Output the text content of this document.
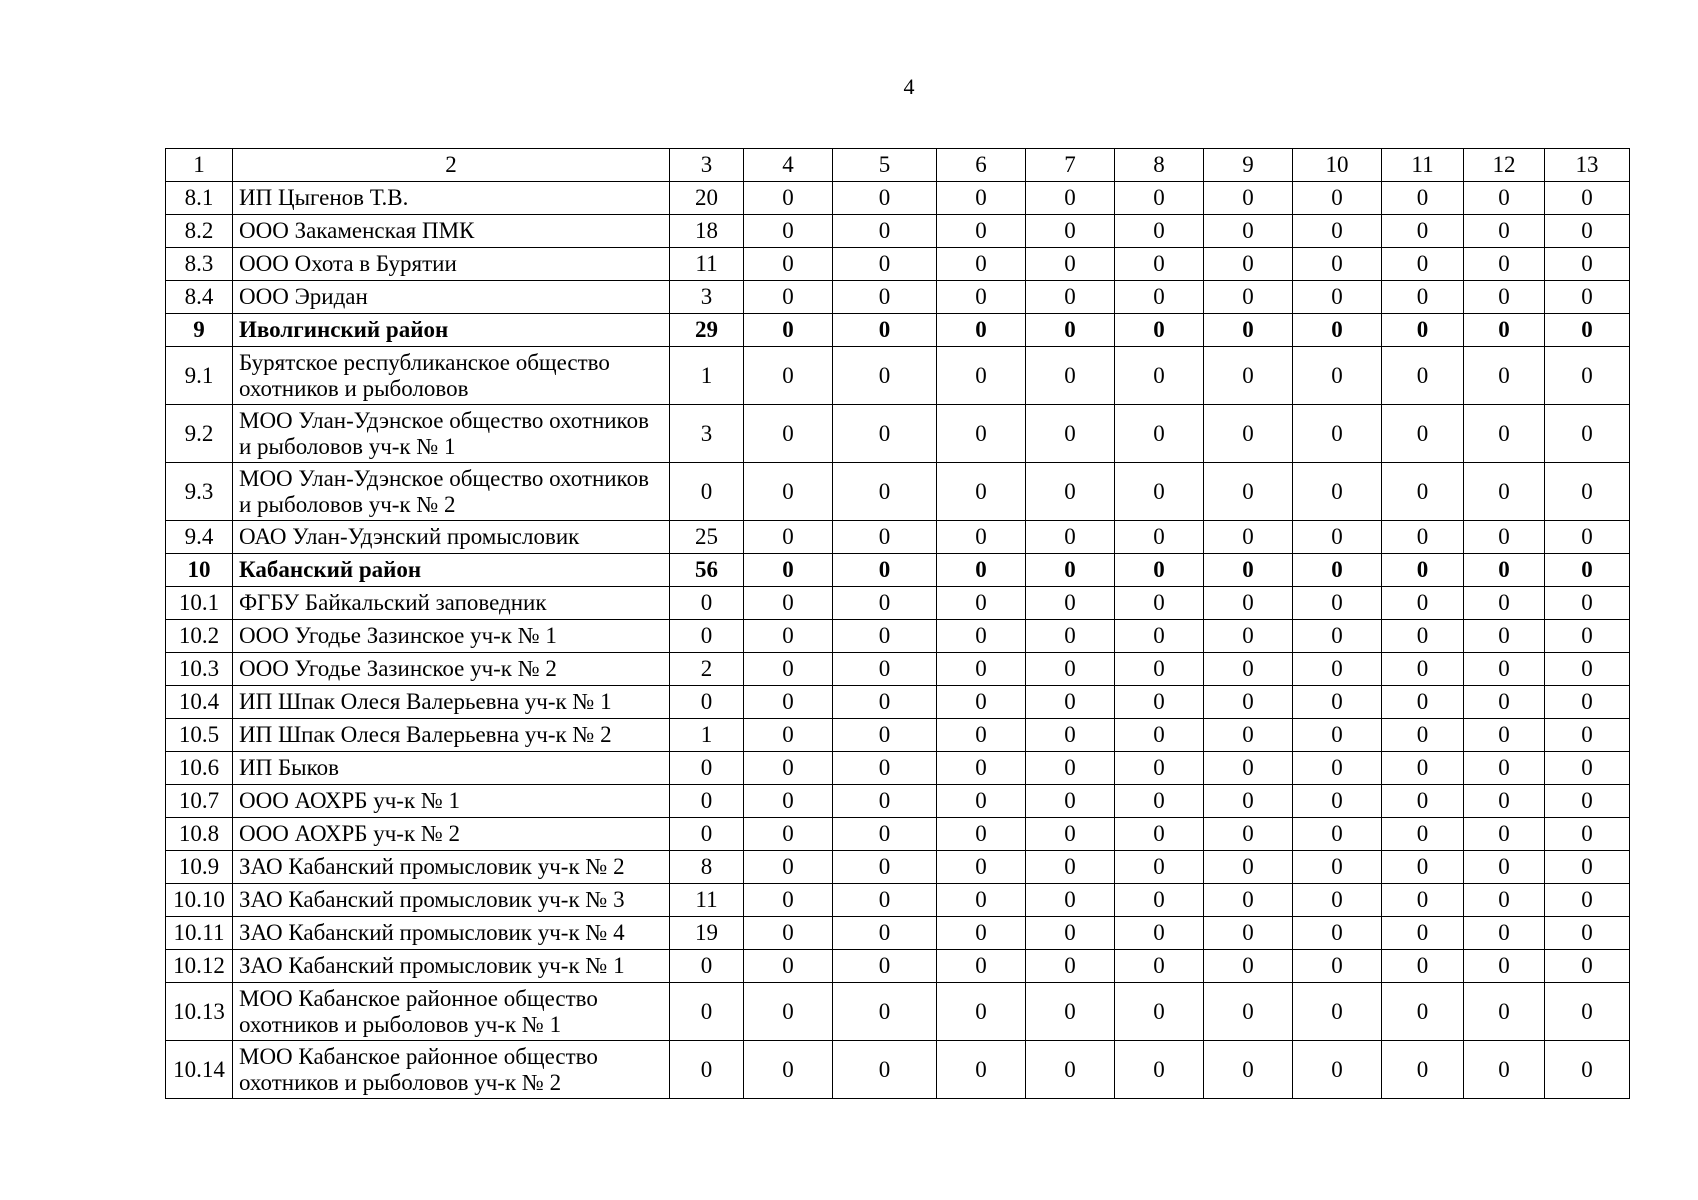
4
1	2	3	4	5	6	7	8	9	10	11	12	13
8.1	ИП Цыгенов Т.В.	20	0	0	0	0	0	0	0	0	0	0
8.2	ООО Закаменская ПМК	18	0	0	0	0	0	0	0	0	0	0
8.3	ООО Охота в Бурятии	11	0	0	0	0	0	0	0	0	0	0
8.4	ООО Эридан	3	0	0	0	0	0	0	0	0	0	0
9	Иволгинский район	29	0	0	0	0	0	0	0	0	0	0
9.1	Бурятское республиканское общество охотников и рыболовов	1	0	0	0	0	0	0	0	0	0	0
9.2	МОО Улан-Удэнское общество охотников и рыболовов уч-к № 1	3	0	0	0	0	0	0	0	0	0	0
9.3	МОО Улан-Удэнское общество охотников и рыболовов уч-к № 2	0	0	0	0	0	0	0	0	0	0	0
9.4	ОАО Улан-Удэнский промысловик	25	0	0	0	0	0	0	0	0	0	0
10	Кабанский район	56	0	0	0	0	0	0	0	0	0	0
10.1	ФГБУ Байкальский заповедник	0	0	0	0	0	0	0	0	0	0	0
10.2	ООО Угодье Зазинское уч-к № 1	0	0	0	0	0	0	0	0	0	0	0
10.3	ООО Угодье Зазинское уч-к № 2	2	0	0	0	0	0	0	0	0	0	0
10.4	ИП Шпак Олеся Валерьевна уч-к № 1	0	0	0	0	0	0	0	0	0	0	0
10.5	ИП Шпак Олеся Валерьевна уч-к № 2	1	0	0	0	0	0	0	0	0	0	0
10.6	ИП Быков	0	0	0	0	0	0	0	0	0	0	0
10.7	ООО АОХРБ уч-к № 1	0	0	0	0	0	0	0	0	0	0	0
10.8	ООО АОХРБ уч-к № 2	0	0	0	0	0	0	0	0	0	0	0
10.9	ЗАО Кабанский промысловик уч-к № 2	8	0	0	0	0	0	0	0	0	0	0
10.10	ЗАО Кабанский промысловик уч-к № 3	11	0	0	0	0	0	0	0	0	0	0
10.11	ЗАО Кабанский промысловик уч-к № 4	19	0	0	0	0	0	0	0	0	0	0
10.12	ЗАО Кабанский промысловик уч-к № 1	0	0	0	0	0	0	0	0	0	0	0
10.13	МОО Кабанское районное общество охотников и рыболовов уч-к № 1	0	0	0	0	0	0	0	0	0	0	0
10.14	МОО Кабанское районное общество охотников и рыболовов уч-к № 2	0	0	0	0	0	0	0	0	0	0	0
